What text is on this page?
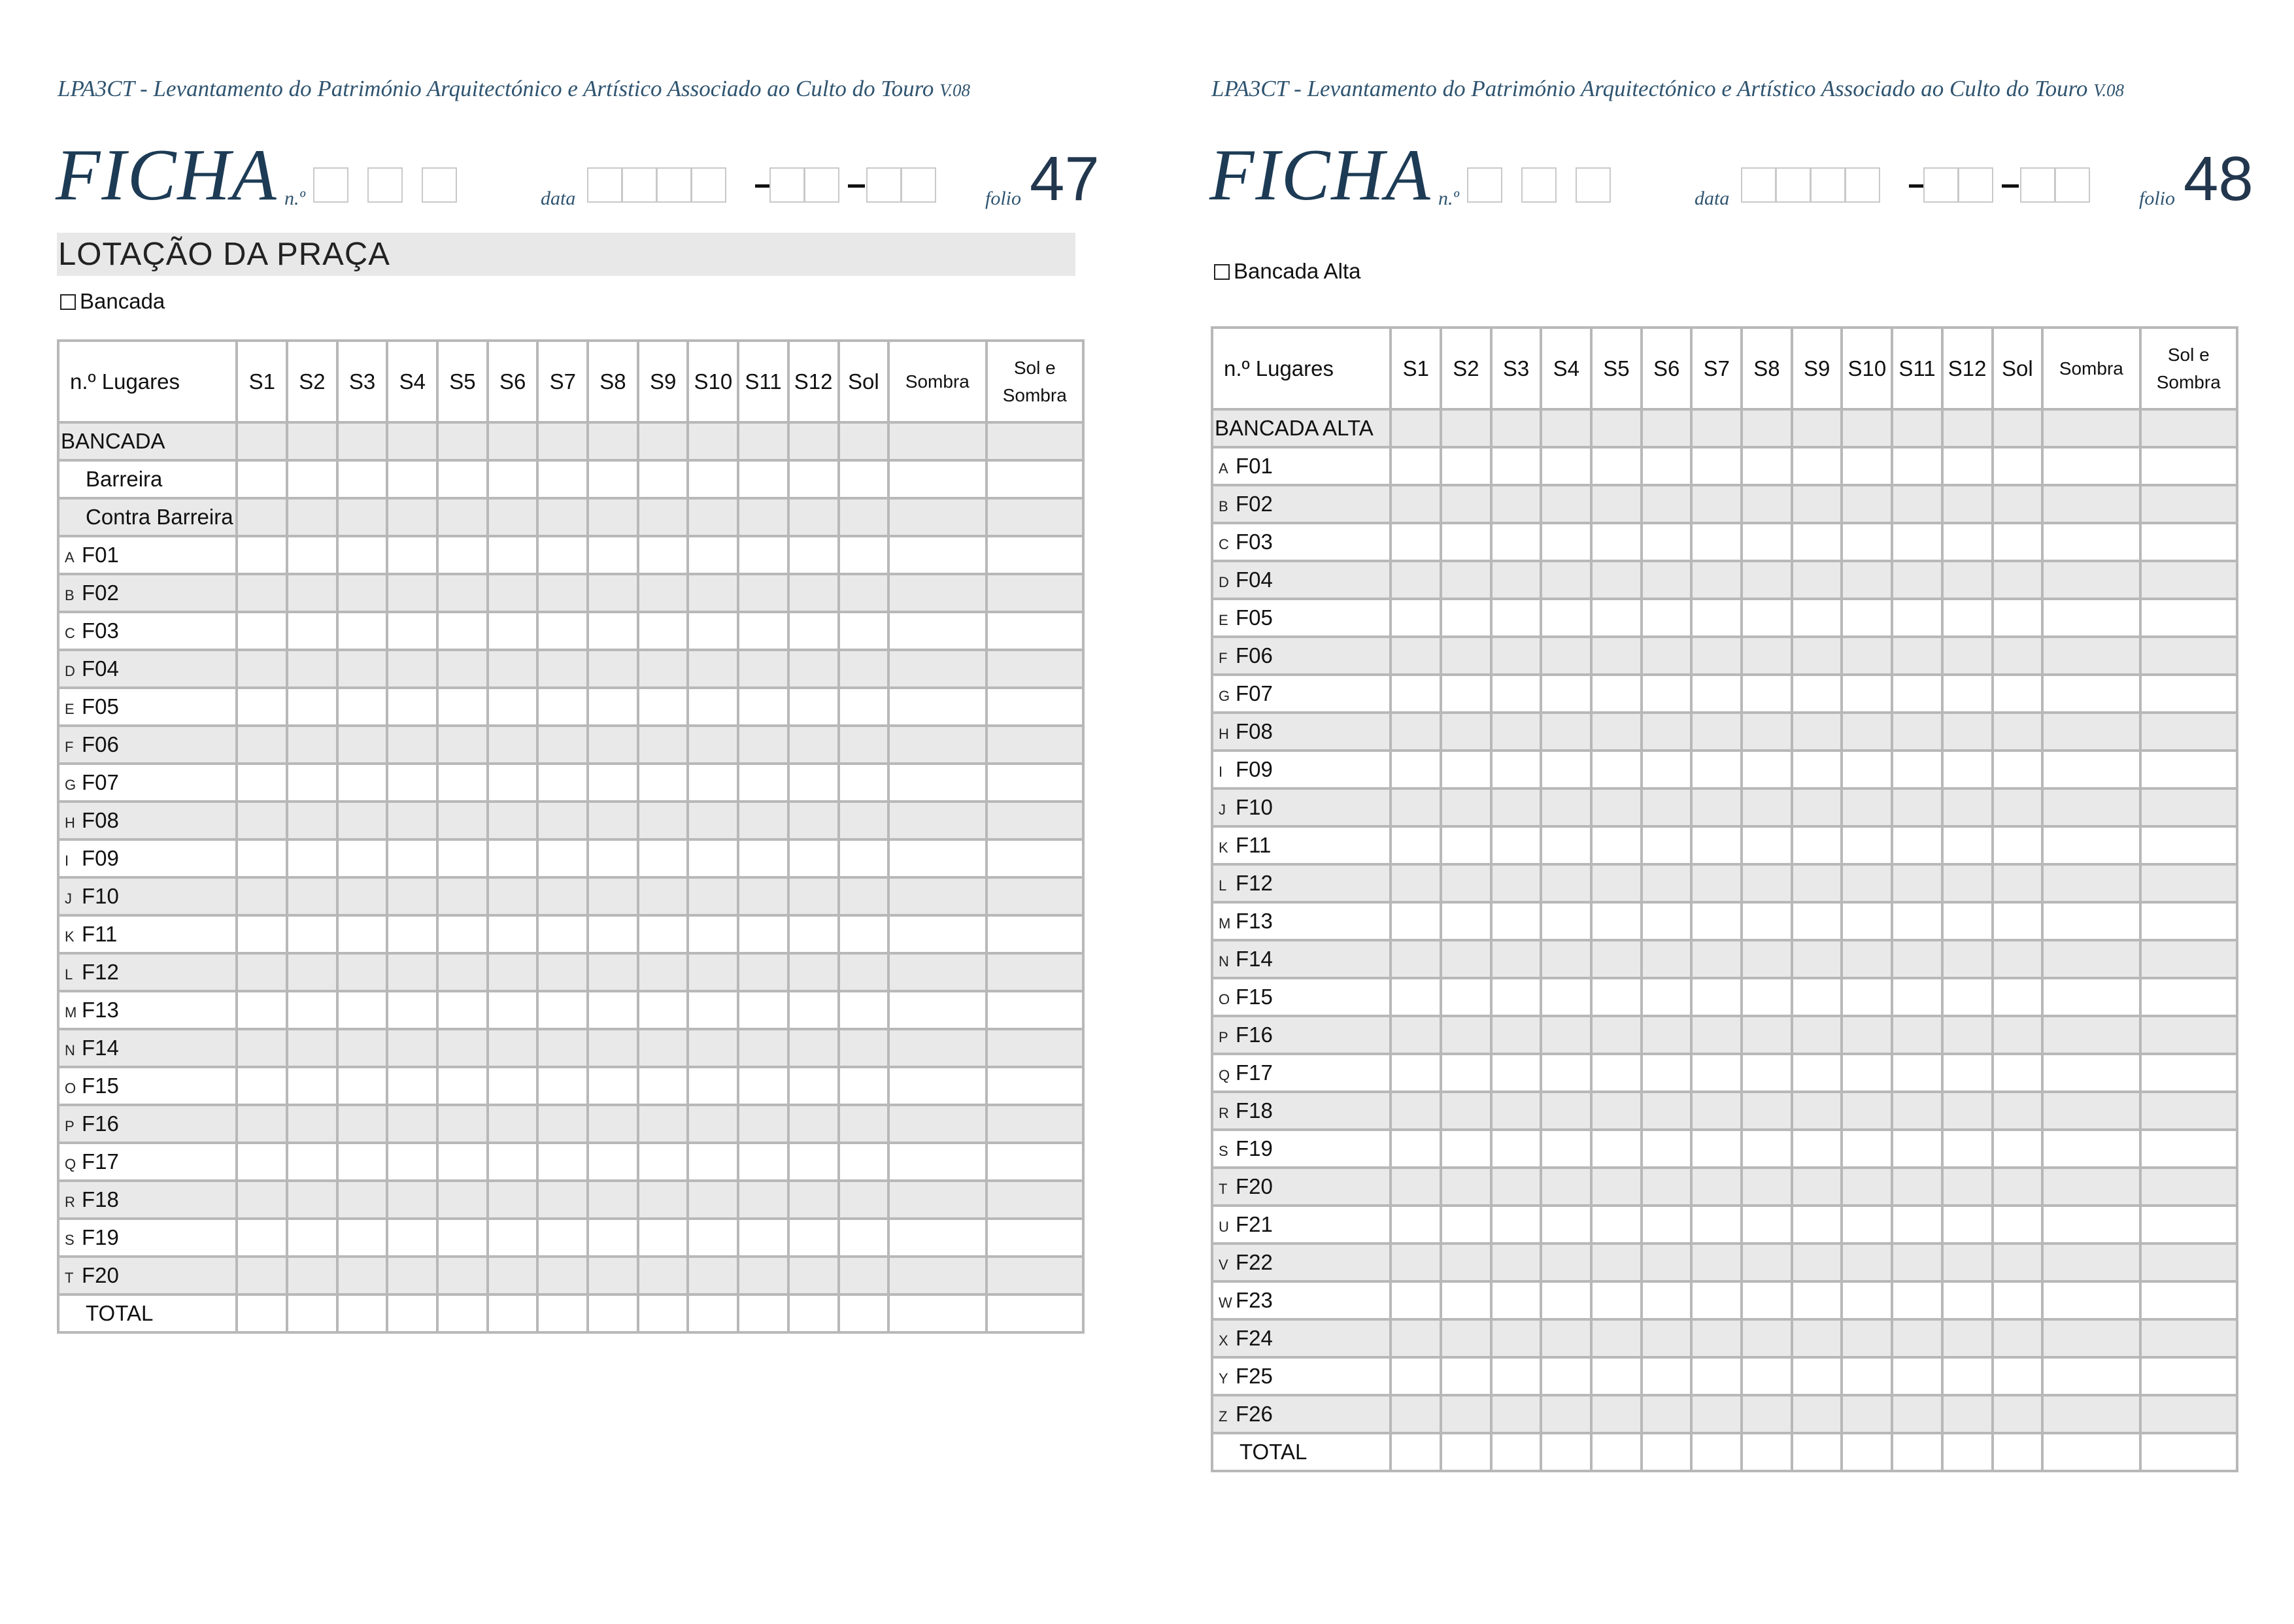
LPA3CT - Levantamento do Património Arquitectónico e Artístico Associado ao Culto do Touro V.08
FICHA n.º	data	folio 47
LOTAÇÃO DA PRAÇA
Bancada
n.º Lugares	S1	S2	S3	S4	S5	S6	S7	S8	S9	S10	S11	S12	Sol	Sombra	Sol e Sombra
BANCADA															
Barreira															
Contra Barreira															
A F01															
B F02															
C F03															
D F04															
E F05															
F F06															
G F07															
H F08															
I F09															
J F10															
K F11															
L F12															
M F13															
N F14															
O F15															
P F16															
Q F17															
R F18															
S F19															
T F20															
TOTAL															
LPA3CT - Levantamento do Património Arquitectónico e Artístico Associado ao Culto do Touro V.08
FICHA n.º	data	folio 48
Bancada Alta
n.º Lugares	S1	S2	S3	S4	S5	S6	S7	S8	S9	S10	S11	S12	Sol	Sombra	Sol e Sombra
BANCADA ALTA															
A F01															
B F02															
C F03															
D F04															
E F05															
F F06															
G F07															
H F08															
I F09															
J F10															
K F11															
L F12															
M F13															
N F14															
O F15															
P F16															
Q F17															
R F18															
S F19															
T F20															
U F21															
V F22															
W F23															
X F24															
Y F25															
Z F26															
TOTAL															
